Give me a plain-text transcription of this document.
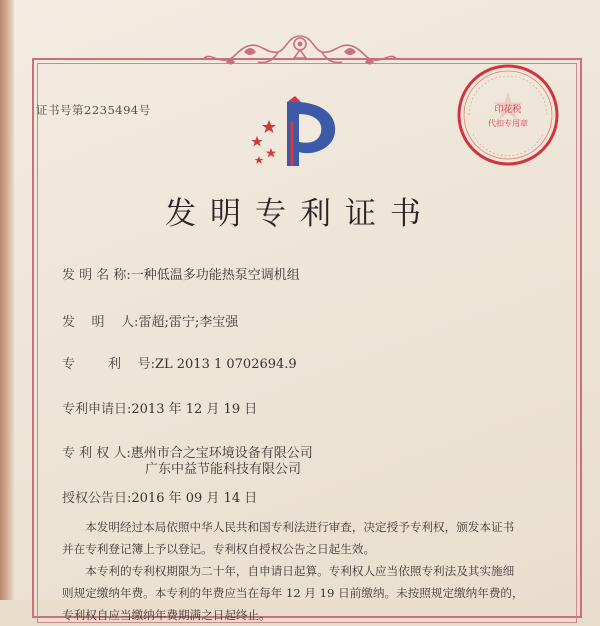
证书号第2235494号	印花税
代扣专用章
发明专利证书
发 明 名 称:一种低温多功能热泵空调机组
发    明    人:雷超;雷宁;李宝强
专        利    号:ZL 2013 1 0702694.9
专利申请日:2013 年 12 月 19 日
专 利 权 人:惠州市合之宝环境设备有限公司
广东中益节能科技有限公司
授权公告日:2016 年 09 月 14 日

本发明经过本局依照中华人民共和国专利法进行审查，决定授予专利权，颁发本证书

并在专利登记簿上予以登记。专利权自授权公告之日起生效。

本专利的专利权期限为二十年，自申请日起算。专利权人应当依照专利法及其实施细

则规定缴纳年费。本专利的年费应当在每年 12 月 19 日前缴纳。未按照规定缴纳年费的，
专利权自应当缴纳年费期满之日起终止。
